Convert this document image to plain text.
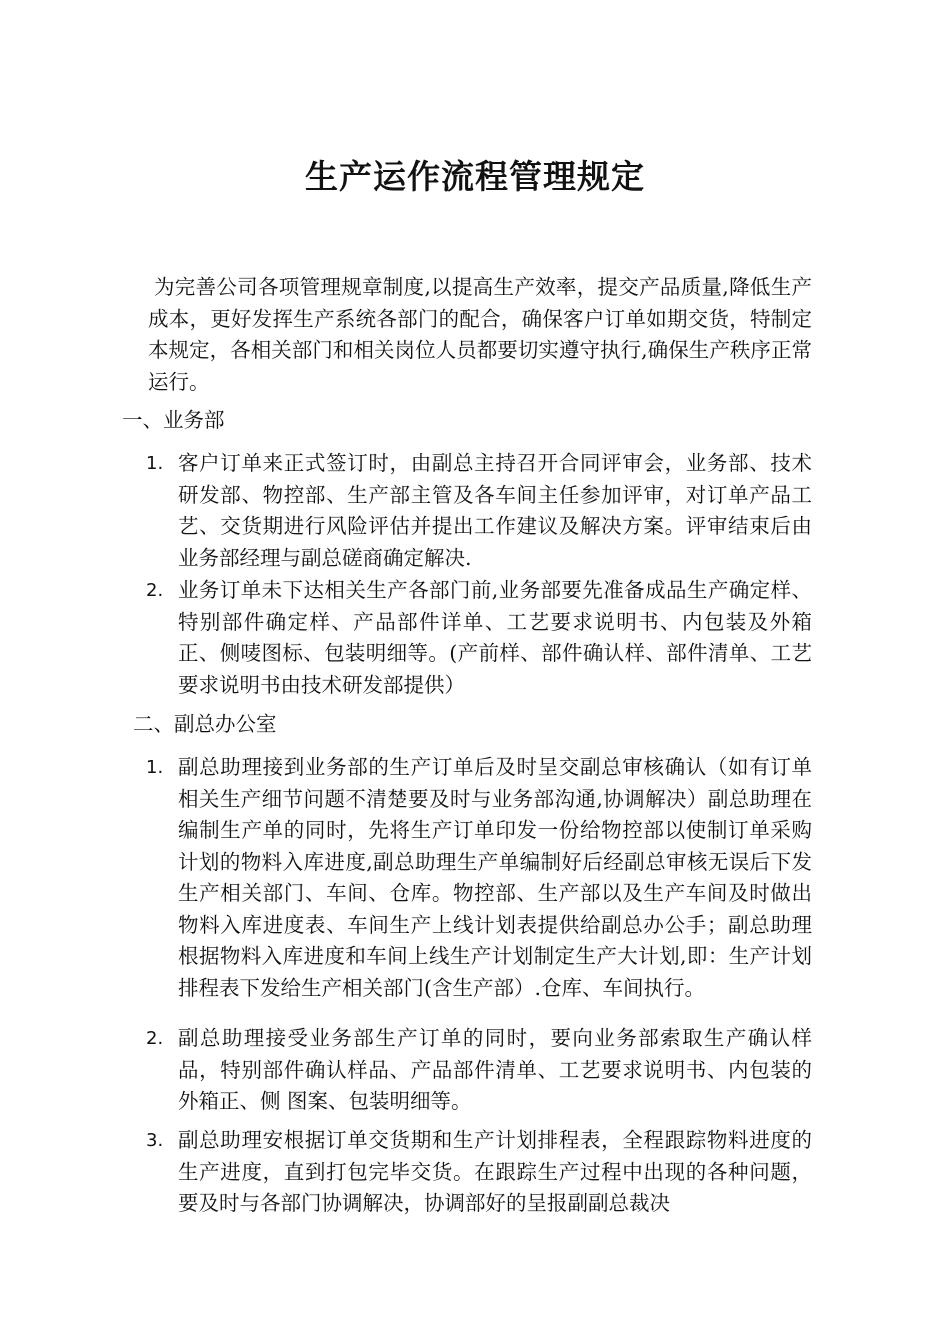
生产运作流程管理规定
为完善公司各项管理规章制度,以提高生产效率，提交产品质量,降低生产成本，更好发挥生产系统各部门的配合，确保客户订单如期交货，特制定本规定，各相关部门和相关岗位人员都要切实遵守执行,确保生产秩序正常运行。
一、业务部
1. 客户订单来正式签订时，由副总主持召开合同评审会，业务部、技术研发部、物控部、生产部主管及各车间主任参加评审，对订单产品工艺、交货期进行风险评估并提出工作建议及解决方案。评审结束后由业务部经理与副总磋商确定解决.
2. 业务订单未下达相关生产各部门前,业务部要先准备成品生产确定样、特别部件确定样、产品部件详单、工艺要求说明书、内包装及外箱正、侧唛图标、包装明细等。(产前样、部件确认样、部件清单、工艺要求说明书由技术研发部提供）
二、副总办公室
1. 副总助理接到业务部的生产订单后及时呈交副总审核确认（如有订单相关生产细节问题不清楚要及时与业务部沟通,协调解决）副总助理在编制生产单的同时，先将生产订单印发一份给物控部以使制订单采购计划的物料入库进度,副总助理生产单编制好后经副总审核无误后下发生产相关部门、车间、仓库。物控部、生产部以及生产车间及时做出物料入库进度表、车间生产上线计划表提供给副总办公手；副总助理根据物料入库进度和车间上线生产计划制定生产大计划,即：生产计划排程表下发给生产相关部门(含生产部）.仓库、车间执行。
2. 副总助理接受业务部生产订单的同时，要向业务部索取生产确认样品，特别部件确认样品、产品部件清单、工艺要求说明书、内包装的外箱正、侧 图案、包装明细等。
3. 副总助理安根据订单交货期和生产计划排程表，全程跟踪物料进度的生产进度，直到打包完毕交货。在跟踪生产过程中出现的各种问题，要及时与各部门协调解决，协调部好的呈报副副总裁决
